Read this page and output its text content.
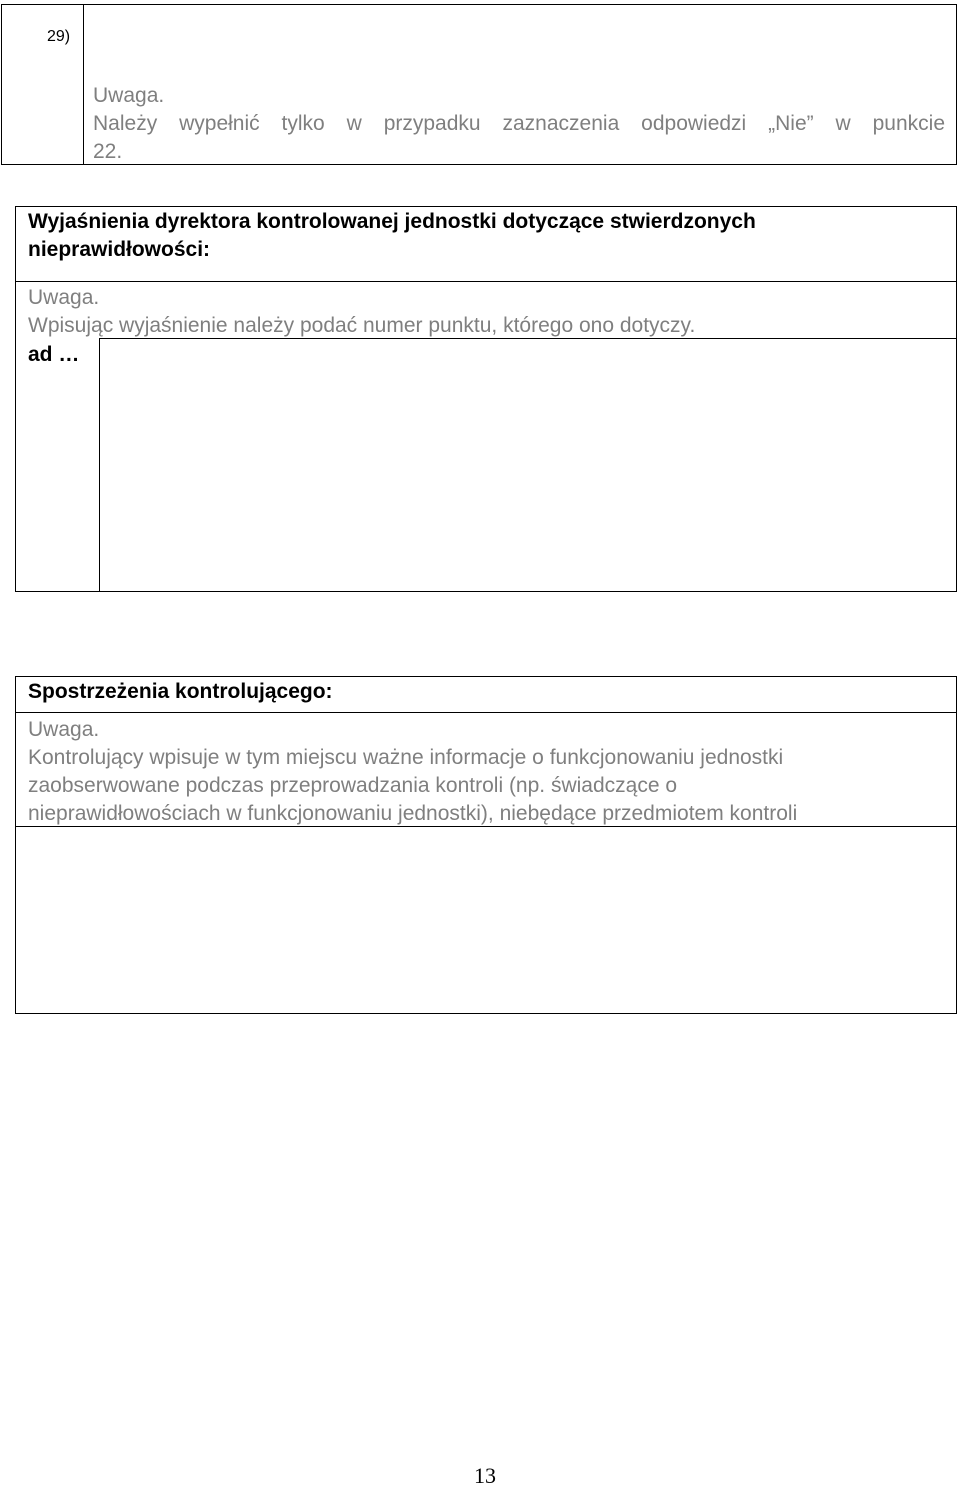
29)
Uwaga.
Należy wypełnić tylko w przypadku zaznaczenia odpowiedzi „Nie” w punkcie
22.
Wyjaśnienia dyrektora kontrolowanej jednostki dotyczące stwierdzonych nieprawidłowości:
Uwaga.
Wpisując wyjaśnienie należy podać numer punktu, którego ono dotyczy.
ad …
Spostrzeżenia kontrolującego:
Uwaga.
Kontrolujący wpisuje w tym miejscu ważne informacje o funkcjonowaniu jednostki
zaobserwowane podczas przeprowadzania kontroli (np. świadczące o
nieprawidłowościach w funkcjonowaniu jednostki), niebędące przedmiotem kontroli
13
